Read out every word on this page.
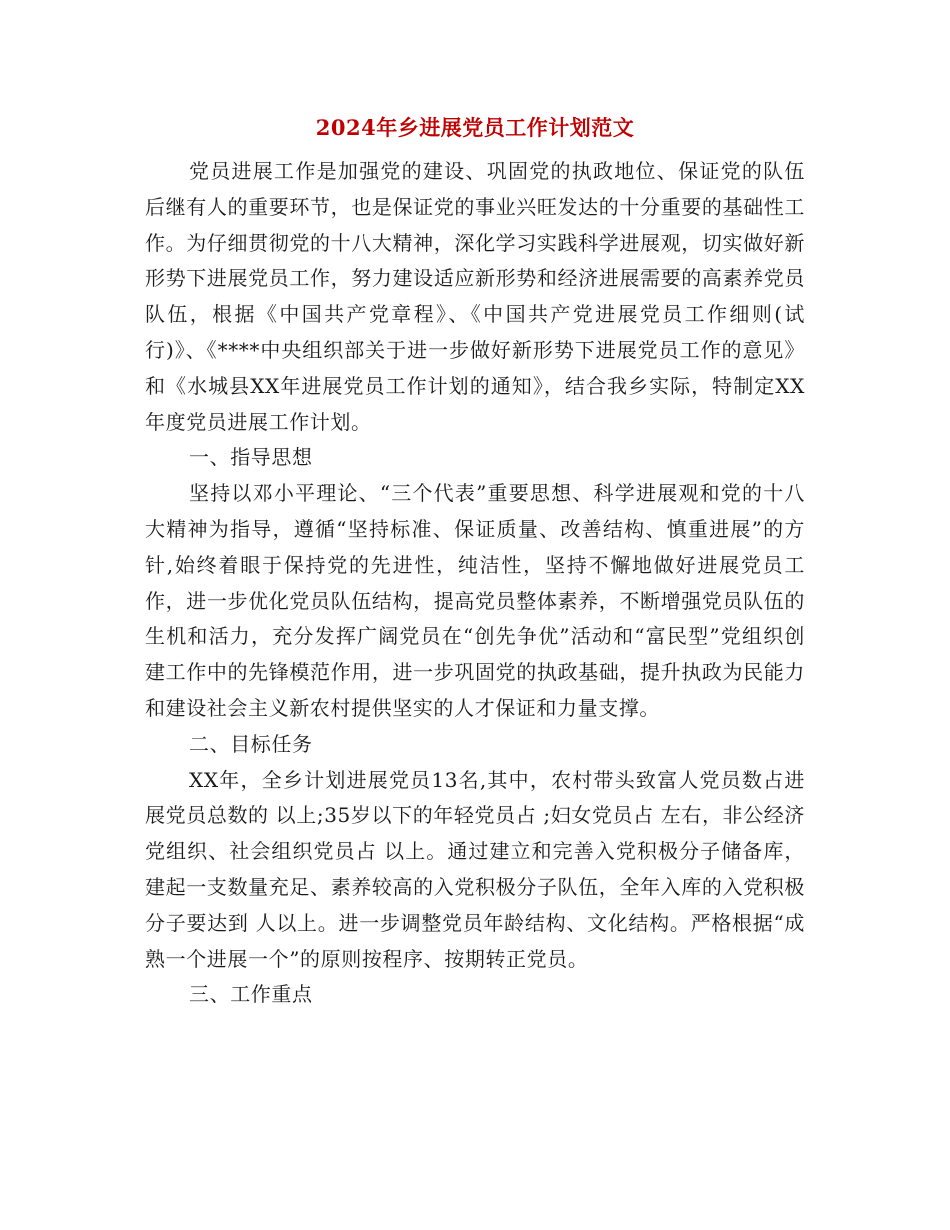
2024年乡进展党员工作计划范文

党员进展工作是加强党的建设、巩固党的执政地位、保证党的队伍后继有人的重要环节，也是保证党的事业兴旺发达的十分重要的基础性工作。为仔细贯彻党的十八大精神，深化学习实践科学进展观，切实做好新形势下进展党员工作，努力建设适应新形势和经济进展需要的高素养党员队伍，根据《中国共产党章程》、《中国共产党进展党员工作细则(试行)》、《****中央组织部关于进一步做好新形势下进展党员工作的意见》和《水城县XX年进展党员工作计划的通知》，结合我乡实际，特制定XX年度党员进展工作计划。

一、指导思想

坚持以邓小平理论、“三个代表”重要思想、科学进展观和党的十八大精神为指导，遵循“坚持标准、保证质量、改善结构、慎重进展”的方针,始终着眼于保持党的先进性，纯洁性，坚持不懈地做好进展党员工作，进一步优化党员队伍结构，提高党员整体素养，不断增强党员队伍的生机和活力，充分发挥广阔党员在“创先争优”活动和“富民型”党组织创建工作中的先锋模范作用，进一步巩固党的执政基础，提升执政为民能力和建设社会主义新农村提供坚实的人才保证和力量支撑。

二、目标任务

XX年，全乡计划进展党员13名,其中，农村带头致富人党员数占进展党员总数的 以上;35岁以下的年轻党员占 ;妇女党员占 左右，非公经济党组织、社会组织党员占 以上。通过建立和完善入党积极分子储备库，建起一支数量充足、素养较高的入党积极分子队伍，全年入库的入党积极分子要达到 人以上。进一步调整党员年龄结构、文化结构。严格根据“成熟一个进展一个”的原则按程序、按期转正党员。

三、工作重点
